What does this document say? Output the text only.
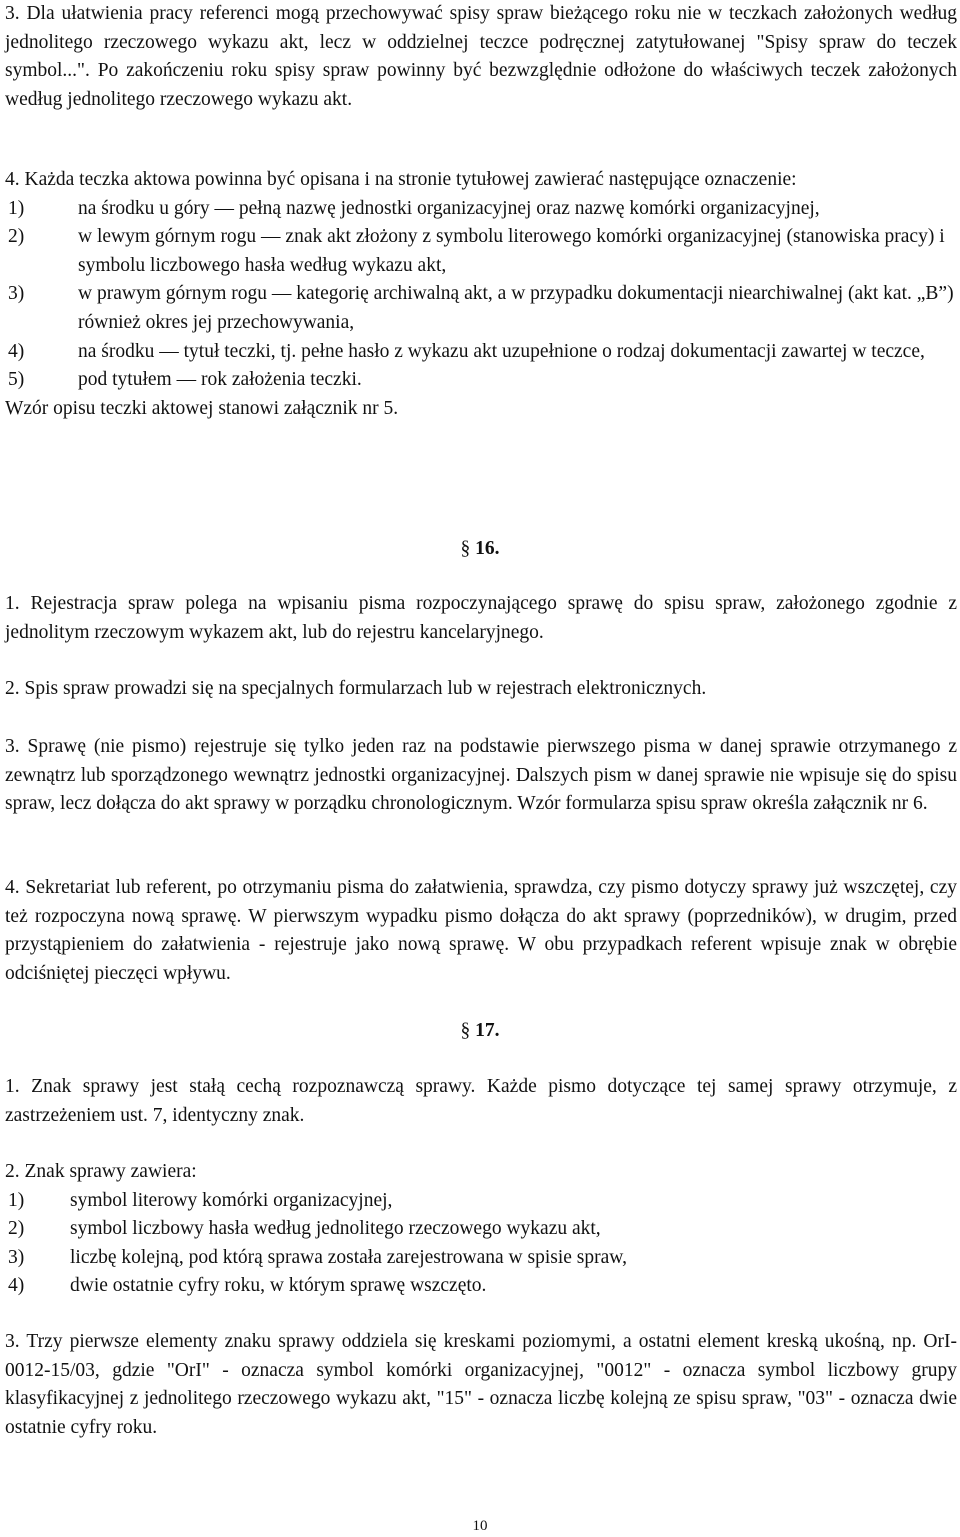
3. Dla ułatwienia pracy referenci mogą przechowywać spisy spraw bieżącego roku nie w teczkach założonych według jednolitego rzeczowego wykazu akt, lecz w oddzielnej teczce podręcznej zatytułowanej "Spisy spraw do teczek symbol...". Po zakończeniu roku spisy spraw powinny być bezwzględnie odłożone do właściwych teczek założonych według jednolitego rzeczowego wykazu akt.

4. Każda teczka aktowa powinna być opisana i na stronie tytułowej zawierać następujące oznaczenie:

1)	na środku u góry — pełną nazwę jednostki organizacyjnej oraz nazwę komórki organizacyjnej,
2)	w lewym górnym rogu — znak akt złożony z symbolu literowego komórki organizacyjnej (stanowiska pracy) i symbolu liczbowego hasła według wykazu akt,
3)	w prawym górnym rogu — kategorię archiwalną akt, a w przypadku dokumentacji niearchiwalnej (akt kat. „B”) również okres jej przechowywania,
4)	na środku — tytuł teczki, tj. pełne hasło z wykazu akt uzupełnione o rodzaj dokumentacji zawartej w teczce,
5)	pod tytułem — rok założenia teczki.

Wzór opisu teczki aktowej stanowi załącznik nr 5.

§ 16.

1. Rejestracja spraw polega na wpisaniu pisma rozpoczynającego sprawę do spisu spraw, założonego zgodnie z jednolitym rzeczowym wykazem akt, lub do rejestru kancelaryjnego.

2. Spis spraw prowadzi się na specjalnych formularzach lub w rejestrach elektronicznych.

3. Sprawę (nie pismo) rejestruje się tylko jeden raz na podstawie pierwszego pisma w danej sprawie otrzymanego z zewnątrz lub sporządzonego wewnątrz jednostki organizacyjnej. Dalszych pism w danej sprawie nie wpisuje się do spisu spraw, lecz dołącza do akt sprawy w porządku chronologicznym. Wzór formularza spisu spraw określa załącznik nr 6.

4. Sekretariat lub referent, po otrzymaniu pisma do załatwienia, sprawdza, czy pismo dotyczy sprawy już wszczętej, czy też rozpoczyna nową sprawę. W pierwszym wypadku pismo dołącza do akt sprawy (poprzedników), w drugim, przed przystąpieniem do załatwienia - rejestruje jako nową sprawę. W obu przypadkach referent wpisuje znak w obrębie odciśniętej pieczęci wpływu.

§ 17.

1. Znak sprawy jest stałą cechą rozpoznawczą sprawy. Każde pismo dotyczące tej samej sprawy otrzymuje, z zastrzeżeniem ust. 7, identyczny znak.

2. Znak sprawy zawiera:

1) symbol literowy komórki organizacyjnej,
2) symbol liczbowy hasła według jednolitego rzeczowego wykazu akt,
3) liczbę kolejną, pod którą sprawa została zarejestrowana w spisie spraw,
4) dwie ostatnie cyfry roku, w którym sprawę wszczęto.

3. Trzy pierwsze elementy znaku sprawy oddziela się kreskami poziomymi, a ostatni element kreską ukośną, np. OrI-0012-15/03, gdzie "OrI" - oznacza symbol komórki organizacyjnej, "0012" - oznacza symbol liczbowy grupy klasyfikacyjnej z jednolitego rzeczowego wykazu akt, "15" - oznacza liczbę kolejną ze spisu spraw, "03" - oznacza dwie ostatnie cyfry roku.

10
